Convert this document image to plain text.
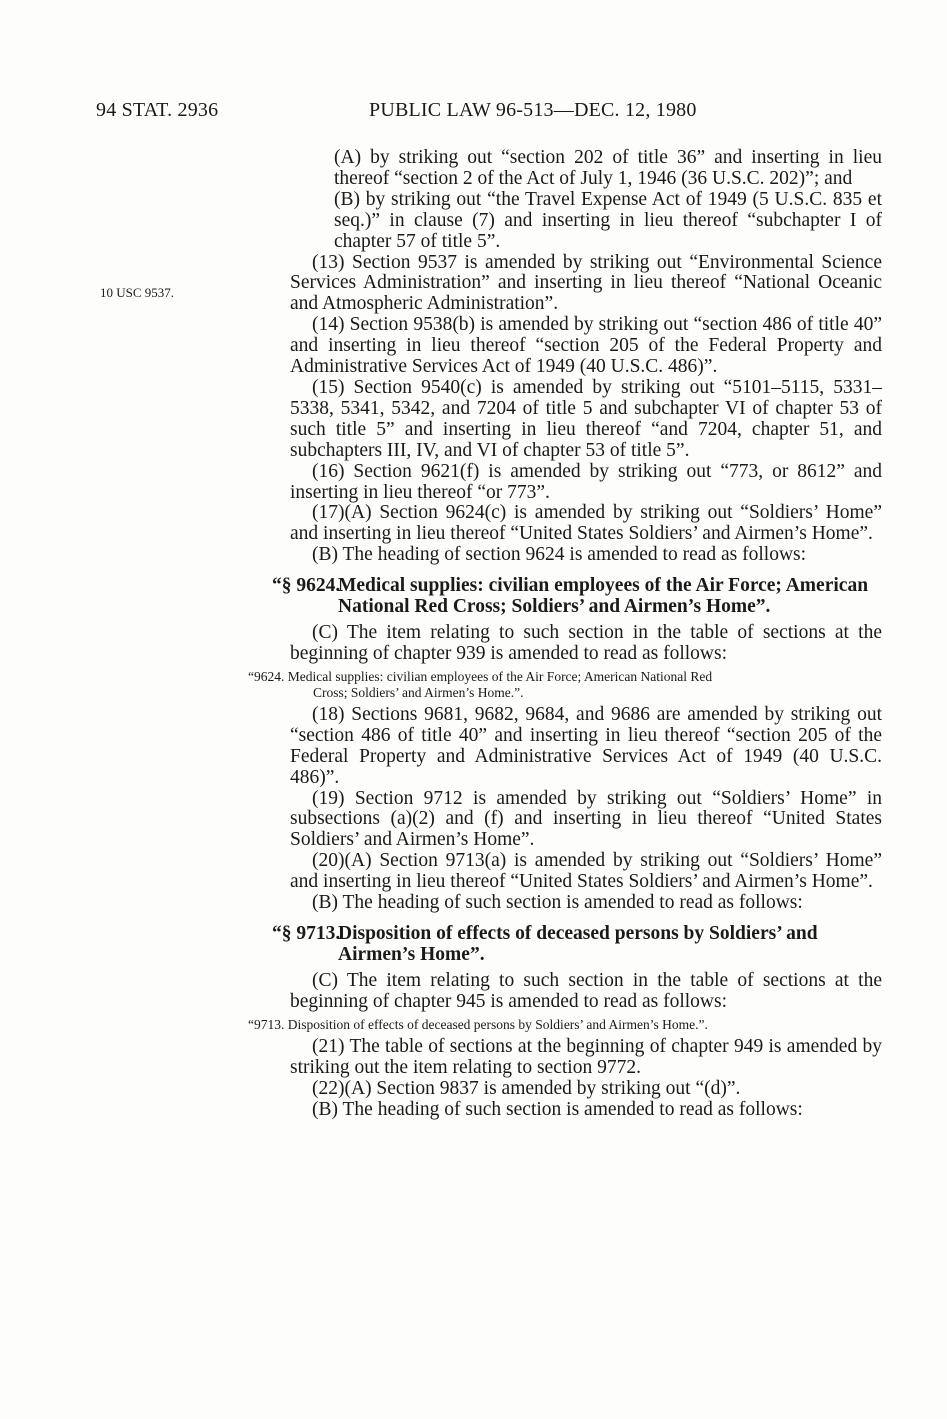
94 STAT. 2936	PUBLIC LAW 96-513—DEC. 12, 1980
10 USC 9537.

(A) by striking out “section 202 of title 36” and inserting in lieu thereof “section 2 of the Act of July 1, 1946 (36 U.S.C. 202)”; and

(B) by striking out “the Travel Expense Act of 1949 (5 U.S.C. 835 et seq.)” in clause (7) and inserting in lieu thereof “subchapter I of chapter 57 of title 5”.

(13) Section 9537 is amended by striking out “Environmental Science Services Administration” and inserting in lieu thereof “National Oceanic and Atmospheric Administration”.

(14) Section 9538(b) is amended by striking out “section 486 of title 40” and inserting in lieu thereof “section 205 of the Federal Property and Administrative Services Act of 1949 (40 U.S.C. 486)”.

(15) Section 9540(c) is amended by striking out “5101–5115, 5331–5338, 5341, 5342, and 7204 of title 5 and subchapter VI of chapter 53 of such title 5” and inserting in lieu thereof “and 7204, chapter 51, and subchapters III, IV, and VI of chapter 53 of title 5”.

(16) Section 9621(f) is amended by striking out “773, or 8612” and inserting in lieu thereof “or 773”.

(17)(A) Section 9624(c) is amended by striking out “Soldiers’ Home” and inserting in lieu thereof “United States Soldiers’ and Airmen’s Home”.

(B) The heading of section 9624 is amended to read as follows:

“§ 9624.
Medical supplies: civilian employees of the Air Force; American National Red Cross; Soldiers’ and Airmen’s Home”.

(C) The item relating to such section in the table of sections at the beginning of chapter 939 is amended to read as follows:

“9624. Medical supplies: civilian employees of the Air Force; American National Red
Cross; Soldiers’ and Airmen’s Home.”.

(18) Sections 9681, 9682, 9684, and 9686 are amended by striking out “section 486 of title 40” and inserting in lieu thereof “section 205 of the Federal Property and Administrative Services Act of 1949 (40 U.S.C. 486)”.

(19) Section 9712 is amended by striking out “Soldiers’ Home” in subsections (a)(2) and (f) and inserting in lieu thereof “United States Soldiers’ and Airmen’s Home”.

(20)(A) Section 9713(a) is amended by striking out “Soldiers’ Home” and inserting in lieu thereof “United States Soldiers’ and Airmen’s Home”.

(B) The heading of such section is amended to read as follows:

“§ 9713.
Disposition of effects of deceased persons by Soldiers’ and Airmen’s Home”.

(C) The item relating to such section in the table of sections at the beginning of chapter 945 is amended to read as follows:

“9713. Disposition of effects of deceased persons by Soldiers’ and Airmen’s Home.”.

(21) The table of sections at the beginning of chapter 949 is amended by striking out the item relating to section 9772.

(22)(A) Section 9837 is amended by striking out “(d)”.

(B) The heading of such section is amended to read as follows:
